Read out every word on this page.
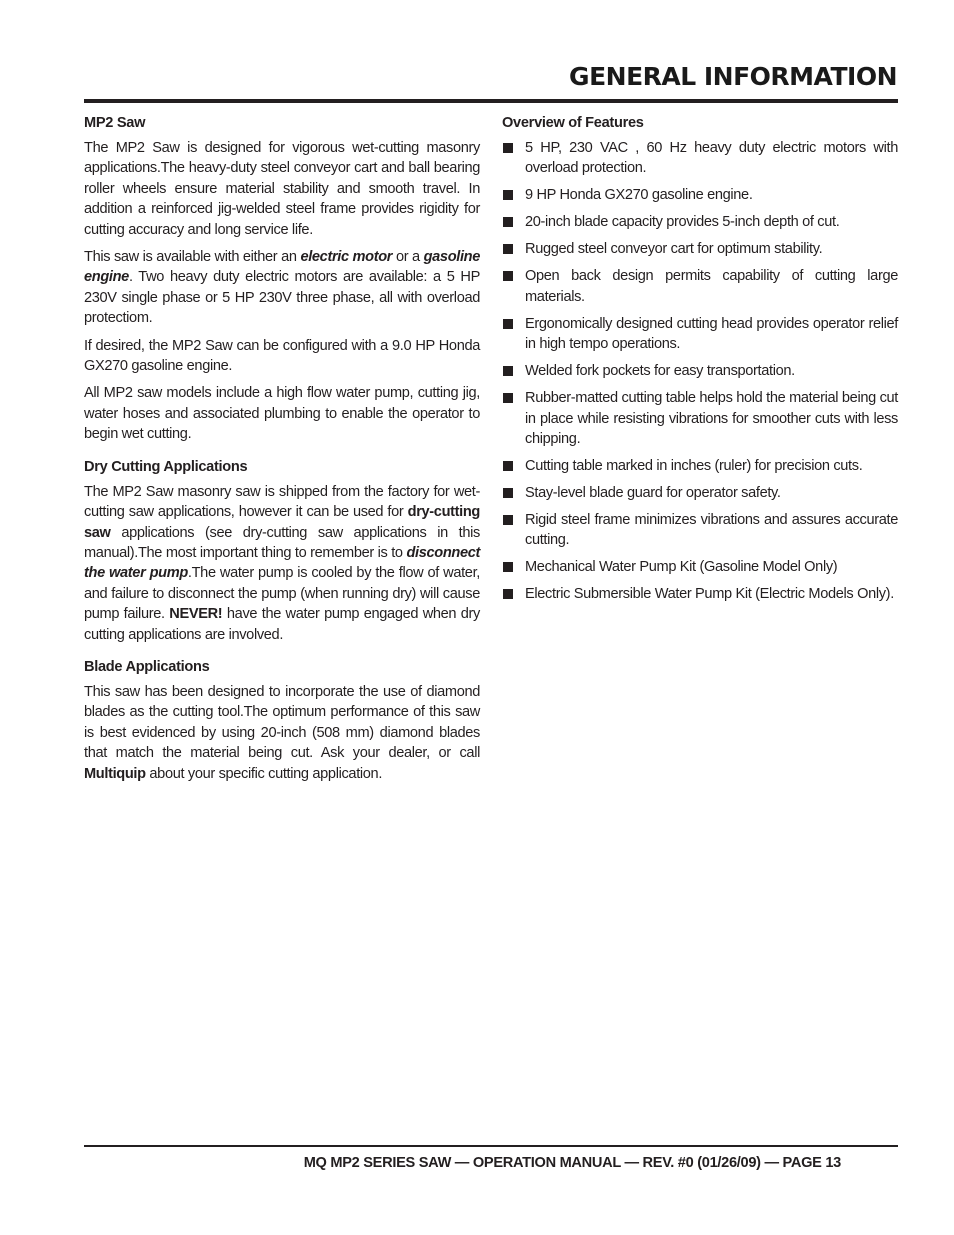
GENERAL INFORMATION
MP2 Saw

The MP2 Saw is designed for vigorous wet-cutting masonry applications.The heavy-duty steel conveyor cart and ball bearing roller wheels ensure material stability and smooth travel. In addition a reinforced jig-welded steel frame provides rigidity for cutting accuracy and long service life.

This saw is available with either an electric motor or a gasoline engine. Two heavy duty electric motors are available: a 5 HP 230V single phase or 5 HP 230V three phase, all with overload protectiom.

If desired, the MP2 Saw can be configured with a 9.0 HP Honda GX270 gasoline engine.

All MP2 saw models include a high flow water pump, cutting jig, water hoses and associated plumbing to enable the operator to begin wet cutting.

Dry Cutting Applications

The MP2 Saw masonry saw is shipped from the factory for wet-cutting saw applications, however it can be used for dry-cutting saw applications (see dry-cutting saw applications in this manual).The most important thing to remember is to disconnect the water pump.The water pump is cooled by the flow of water, and failure to disconnect the pump (when running dry) will cause pump failure. NEVER! have the water pump engaged when dry cutting applications are involved.

Blade Applications

This saw has been designed to incorporate the use of diamond blades as the cutting tool.The optimum performance of this saw is best evidenced by using 20-inch (508 mm) diamond blades that match the material being cut. Ask your dealer, or call Multiquip about your specific cutting application.

Overview of Features
5 HP, 230 VAC , 60 Hz heavy duty electric motors with overload protection.
9 HP Honda GX270 gasoline engine.
20-inch blade capacity provides 5-inch depth of cut.
Rugged steel conveyor cart for optimum stability.
Open back design permits capability of cutting large materials.
Ergonomically designed cutting head provides operator relief in high tempo operations.
Welded fork pockets for easy transportation.
Rubber-matted cutting table helps hold the material being cut in place while resisting vibrations for smoother cuts with less chipping.
Cutting table marked in inches (ruler) for precision cuts.
Stay-level blade guard for operator safety.
Rigid steel frame minimizes vibrations and assures accurate cutting.
Mechanical Water Pump Kit (Gasoline Model Only)
Electric Submersible Water Pump Kit (Electric Models Only).
MQ MP2 SERIES SAW — OPERATION MANUAL — REV. #0 (01/26/09) — PAGE 13
